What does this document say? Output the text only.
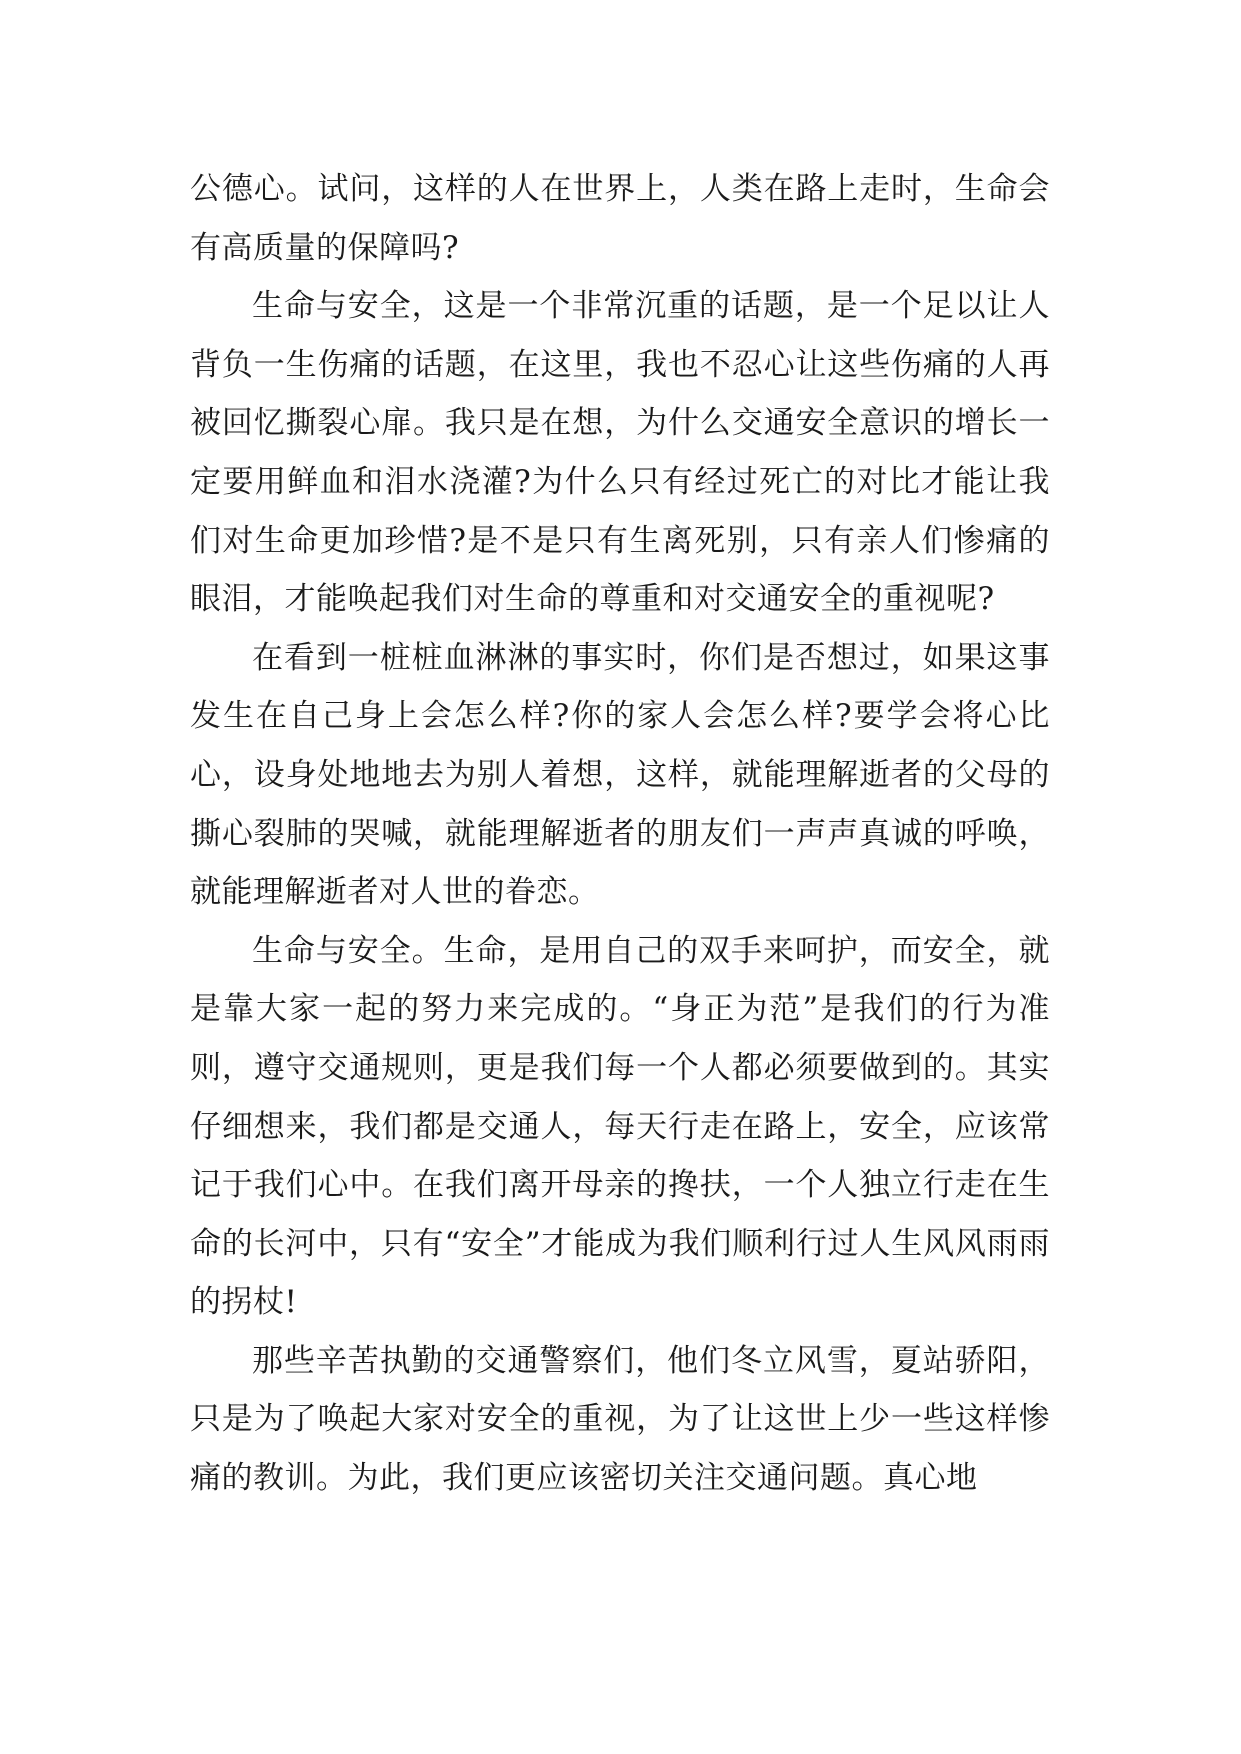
公德心。试问，这样的人在世界上，人类在路上走时，生命会有高质量的保障吗?

生命与安全，这是一个非常沉重的话题，是一个足以让人背负一生伤痛的话题，在这里，我也不忍心让这些伤痛的人再被回忆撕裂心扉。我只是在想，为什么交通安全意识的增长一定要用鲜血和泪水浇灌?为什么只有经过死亡的对比才能让我们对生命更加珍惜?是不是只有生离死别，只有亲人们惨痛的眼泪，才能唤起我们对生命的尊重和对交通安全的重视呢?

在看到一桩桩血淋淋的事实时，你们是否想过，如果这事发生在自己身上会怎么样?你的家人会怎么样?要学会将心比心，设身处地地去为别人着想，这样，就能理解逝者的父母的撕心裂肺的哭喊，就能理解逝者的朋友们一声声真诚的呼唤，就能理解逝者对人世的眷恋。

生命与安全。生命，是用自己的双手来呵护，而安全，就是靠大家一起的努力来完成的。“身正为范”是我们的行为准则，遵守交通规则，更是我们每一个人都必须要做到的。其实仔细想来，我们都是交通人，每天行走在路上，安全，应该常记于我们心中。在我们离开母亲的搀扶，一个人独立行走在生命的长河中，只有“安全”才能成为我们顺利行过人生风风雨雨的拐杖!

那些辛苦执勤的交通警察们，他们冬立风雪，夏站骄阳，只是为了唤起大家对安全的重视，为了让这世上少一些这样惨痛的教训。为此，我们更应该密切关注交通问题。真心地
